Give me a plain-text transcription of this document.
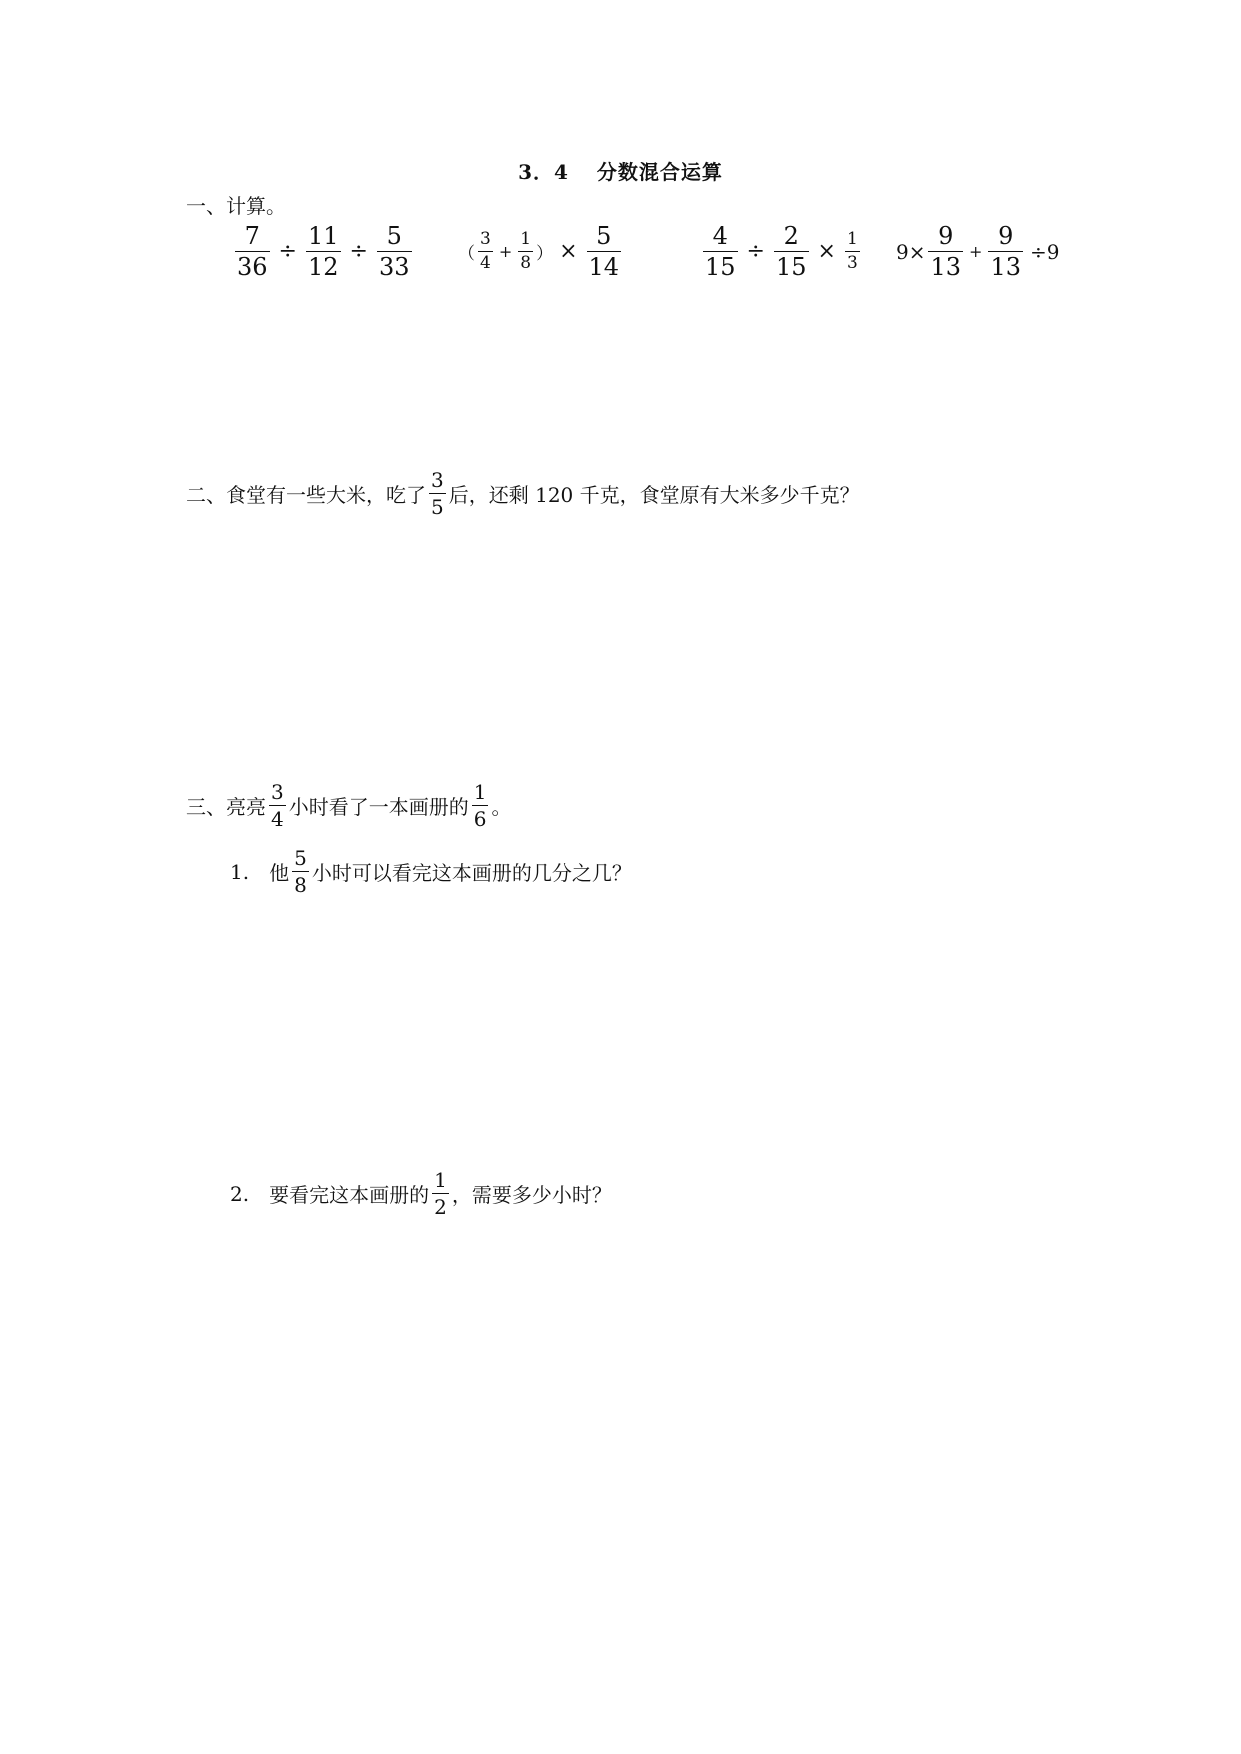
3．4 分数混合运算
一、计算。
$\frac{7}{36} \div \frac{11}{12} \div \frac{5}{33}$	（ $\frac{3}{4} + \frac{1}{8}$ ） × $\frac{5}{14}$	$\frac{4}{15} \div \frac{2}{15} \times \frac{1}{3} 9\times \frac{9}{13} + \frac{9}{13} \div 9$
二、食堂有一些大米，吃了 $\frac{3}{5}$ 后，还剩 120 千克，食堂原有大米多少千克？
三、亮亮 $\frac{3}{4}$ 小时看了一本画册的 $\frac{1}{6}$ 。
1. 他 $\frac{5}{8}$ 小时可以看完这本画册的几分之几？
2. 要看完这本画册的 $\frac{1}{2}$ ，需要多少小时？
